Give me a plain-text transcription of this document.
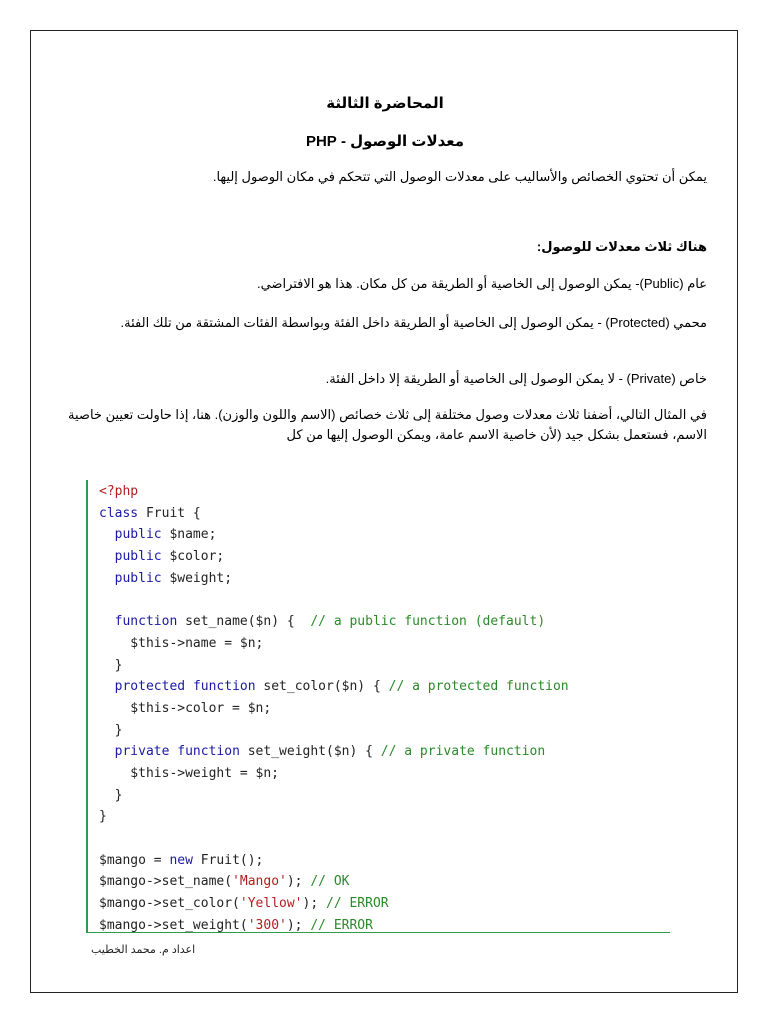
المحاضرة الثالثة
معدلات الوصول - PHP
يمكن أن تحتوي الخصائص والأساليب على معدلات الوصول التي تتحكم في مكان الوصول إليها.
هناك ثلاث معدلات للوصول:
عام (Public)- يمكن الوصول إلى الخاصية أو الطريقة من كل مكان. هذا هو الافتراضي.
محمي (Protected) - يمكن الوصول إلى الخاصية أو الطريقة داخل الفئة وبواسطة الفئات المشتقة من تلك الفئة.
خاص (Private) - لا يمكن الوصول إلى الخاصية أو الطريقة إلا داخل الفئة.
في المثال التالي، أضفنا ثلاث معدلات وصول مختلفة إلى ثلاث خصائص (الاسم واللون والوزن). هنا، إذا حاولت تعيين خاصية الاسم، فستعمل بشكل جيد (لأن خاصية الاسم عامة، ويمكن الوصول إليها من كل
<?php
class Fruit {
public $name;
public $color;
public $weight;

function set_name($n) {  // a public function (default)
$this->name = $n;
}
protected function set_color($n) { // a protected function
$this->color = $n;
}
private function set_weight($n) { // a private function
$this->weight = $n;
}
}

$mango = new Fruit();
$mango->set_name('Mango'); // OK
$mango->set_color('Yellow'); // ERROR
$mango->set_weight('300'); // ERROR
اعداد م. محمد الخطيب
